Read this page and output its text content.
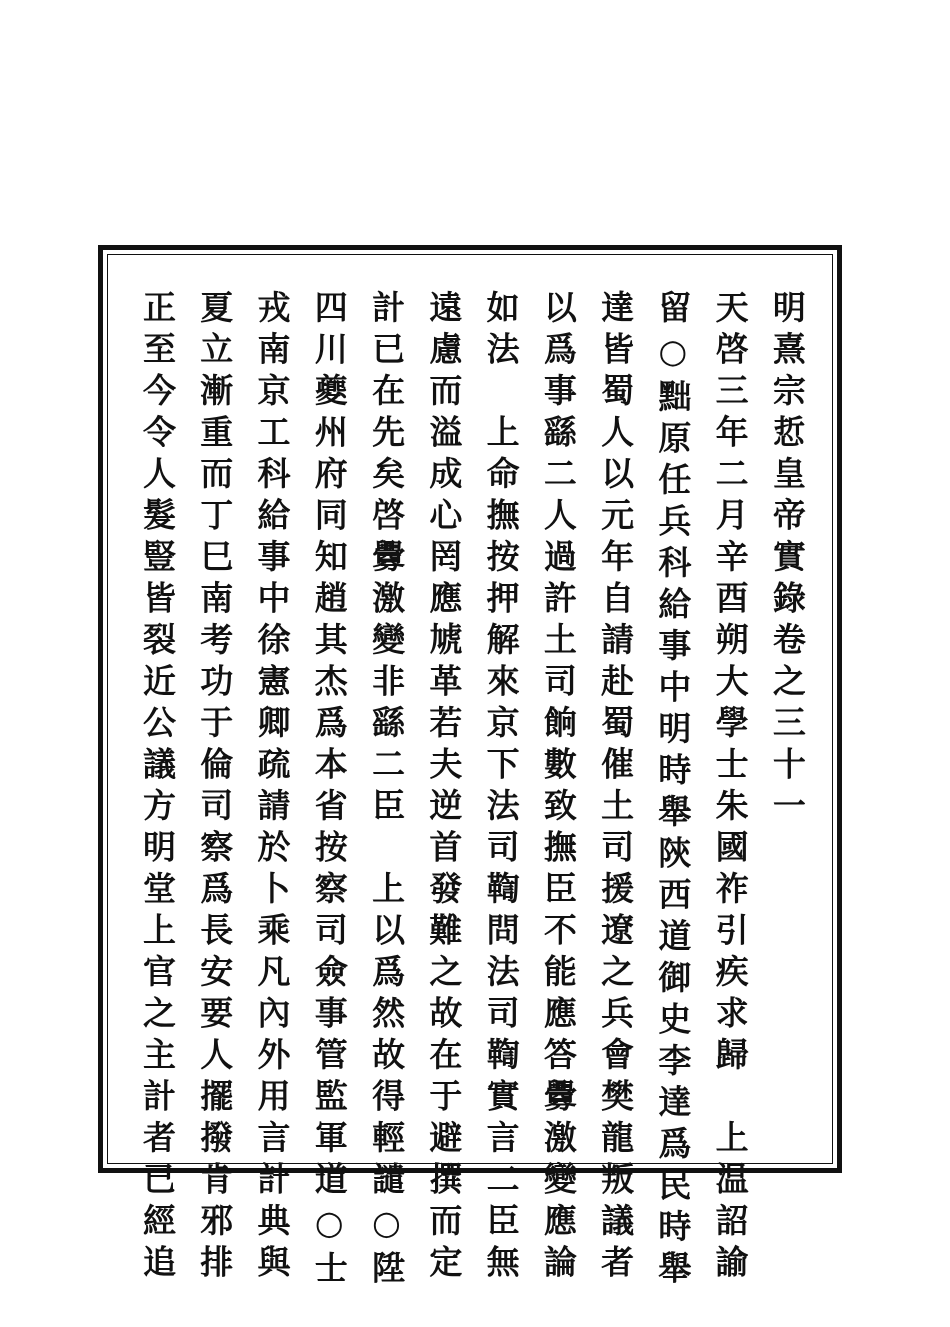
明熹宗悊皇帝實錄卷之三十一
天啓三年二月辛酉朔大學士朱國祚引疾求歸　上温詔諭
留○黜原任兵科給事中明時舉陝西道御史李達爲民時舉
達皆蜀人以元年自請赴蜀催土司援遼之兵會樊龍叛議者
以爲事繇二人過許土司餉數致撫臣不能應答釁激變應論
如法　上命撫按押解來京下法司鞫問法司鞫實言二臣無
遠慮而溢成心罔應虓革若夫逆首發難之故在于避撰而定
計已在先矣啓釁激變非繇二臣　上以爲然故得輕譴○陞
四川夔州府同知趙其杰爲本省按察司僉事管監軍道○士
戎南京工科給事中徐憲卿疏請於卜乘凡內外用言計典與
夏立漸重而丁巳南考功于倫司察爲長安要人擺撥肯邪排
正至今令人髮豎皆裂近公議方明堂上官之主計者已經追
